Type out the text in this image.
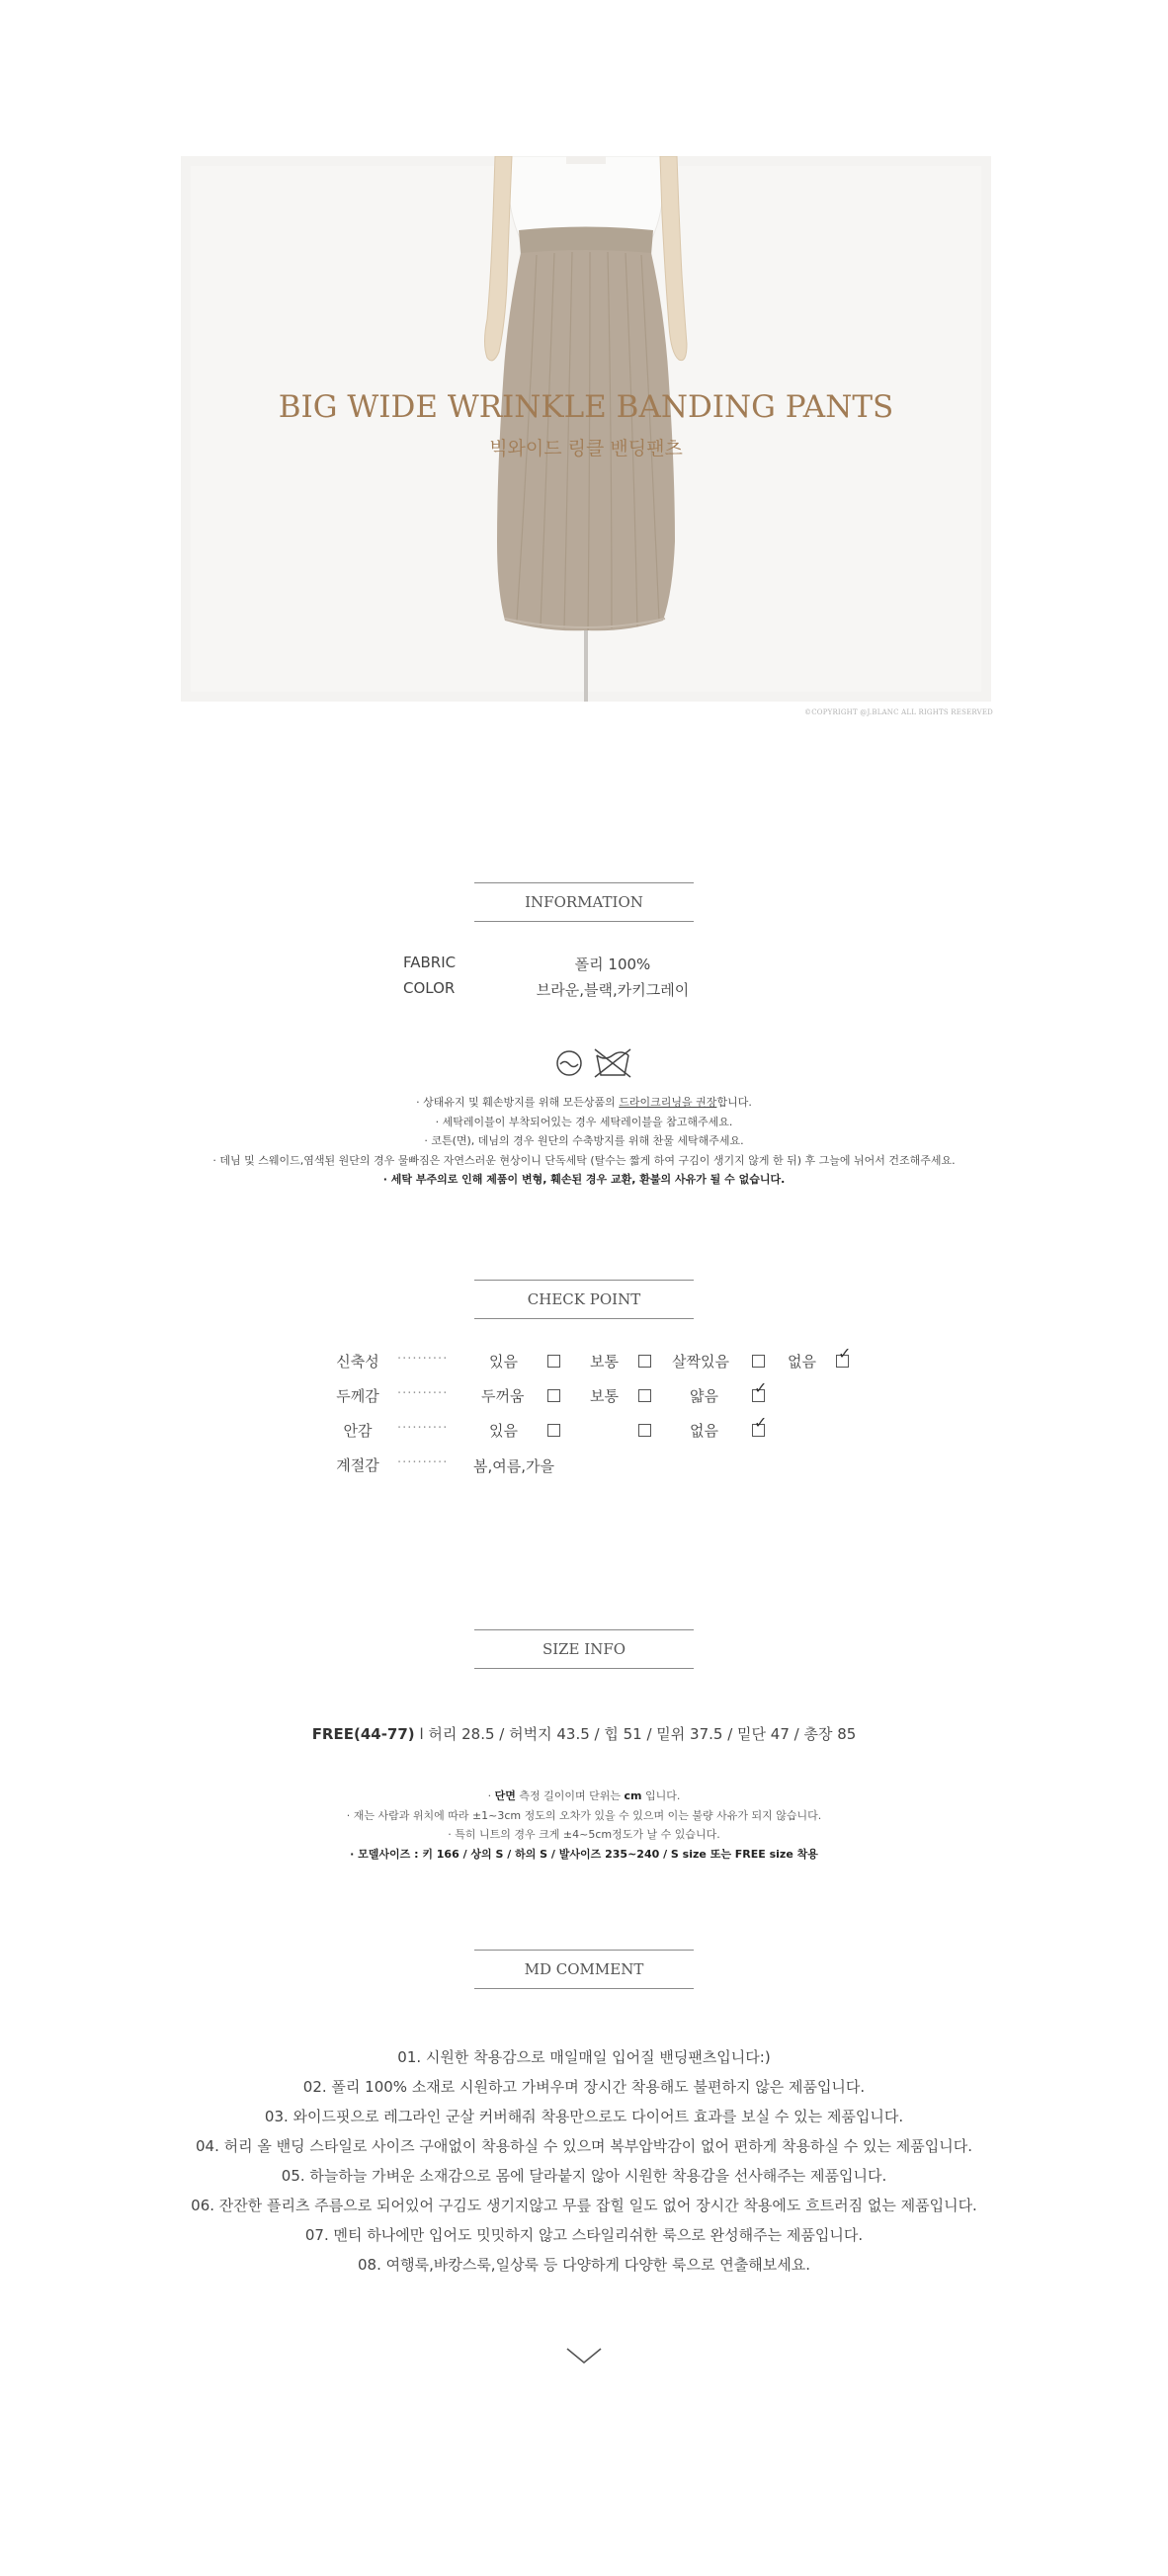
BIG WIDE WRINKLE BANDING PANTS
빅와이드 링클 밴딩팬츠
©COPYRIGHT @J.BLANC ALL RIGHTS RESERVED
INFORMATION
FABRIC	폴리 100%
COLOR	브라운,블랙,카키그레이
· 상태유지 및 훼손방지를 위해 모든상품의 드라이크리닝을 권장합니다.
· 세탁레이블이 부착되어있는 경우 세탁레이블을 참고해주세요.
· 코튼(면), 데님의 경우 원단의 수축방지를 위해 찬물 세탁해주세요.
· 데님 및 스웨이드,염색된 원단의 경우 물빠짐은 자연스러운 현상이니 단독세탁 (탈수는 짧게 하여 구김이 생기지 않게 한 뒤) 후 그늘에 뉘어서 건조해주세요.
· 세탁 부주의로 인해 제품이 변형, 훼손된 경우 교환, 환불의 사유가 될 수 없습니다.
CHECK POINT
신축성	··········	있음	보통	살짝있음	없음 ✓
두께감	·········· 두꺼움	보통	얇음 ✓
안감	··········	있음	없음 ✓
계절감	·········· 봄,여름,가을
SIZE INFO
FREE(44-77) l 허리 28.5 / 허벅지 43.5 / 힙 51 / 밑위 37.5 / 밑단 47 / 총장 85
· 단면 측정 길이이며 단위는 cm 입니다.
· 재는 사람과 위치에 따라 ±1~3cm 정도의 오차가 있을 수 있으며 이는 불량 사유가 되지 않습니다.
· 특히 니트의 경우 크게 ±4~5cm정도가 날 수 있습니다.
· 모델사이즈 : 키 166 / 상의 S / 하의 S / 발사이즈 235~240 / S size 또는 FREE size 착용
MD COMMENT
01. 시원한 착용감으로 매일매일 입어질 밴딩팬츠입니다:)
02. 폴리 100% 소재로 시원하고 가벼우며 장시간 착용해도 불편하지 않은 제품입니다.
03. 와이드핏으로 레그라인 군살 커버해줘 착용만으로도 다이어트 효과를 보실 수 있는 제품입니다.
04. 허리 올 밴딩 스타일로 사이즈 구애없이 착용하실 수 있으며 복부압박감이 없어 편하게 착용하실 수 있는 제품입니다.
05. 하늘하늘 가벼운 소재감으로 몸에 달라붙지 않아 시원한 착용감을 선사해주는 제품입니다.
06. 잔잔한 플리츠 주름으로 되어있어 구김도 생기지않고 무릎 잡힐 일도 없어 장시간 착용에도 흐트러짐 없는 제품입니다.
07. 멘티 하나에만 입어도 밋밋하지 않고 스타일리쉬한 룩으로 완성해주는 제품입니다.
08. 여행룩,바캉스룩,일상룩 등 다양하게 다양한 룩으로 연출해보세요.
